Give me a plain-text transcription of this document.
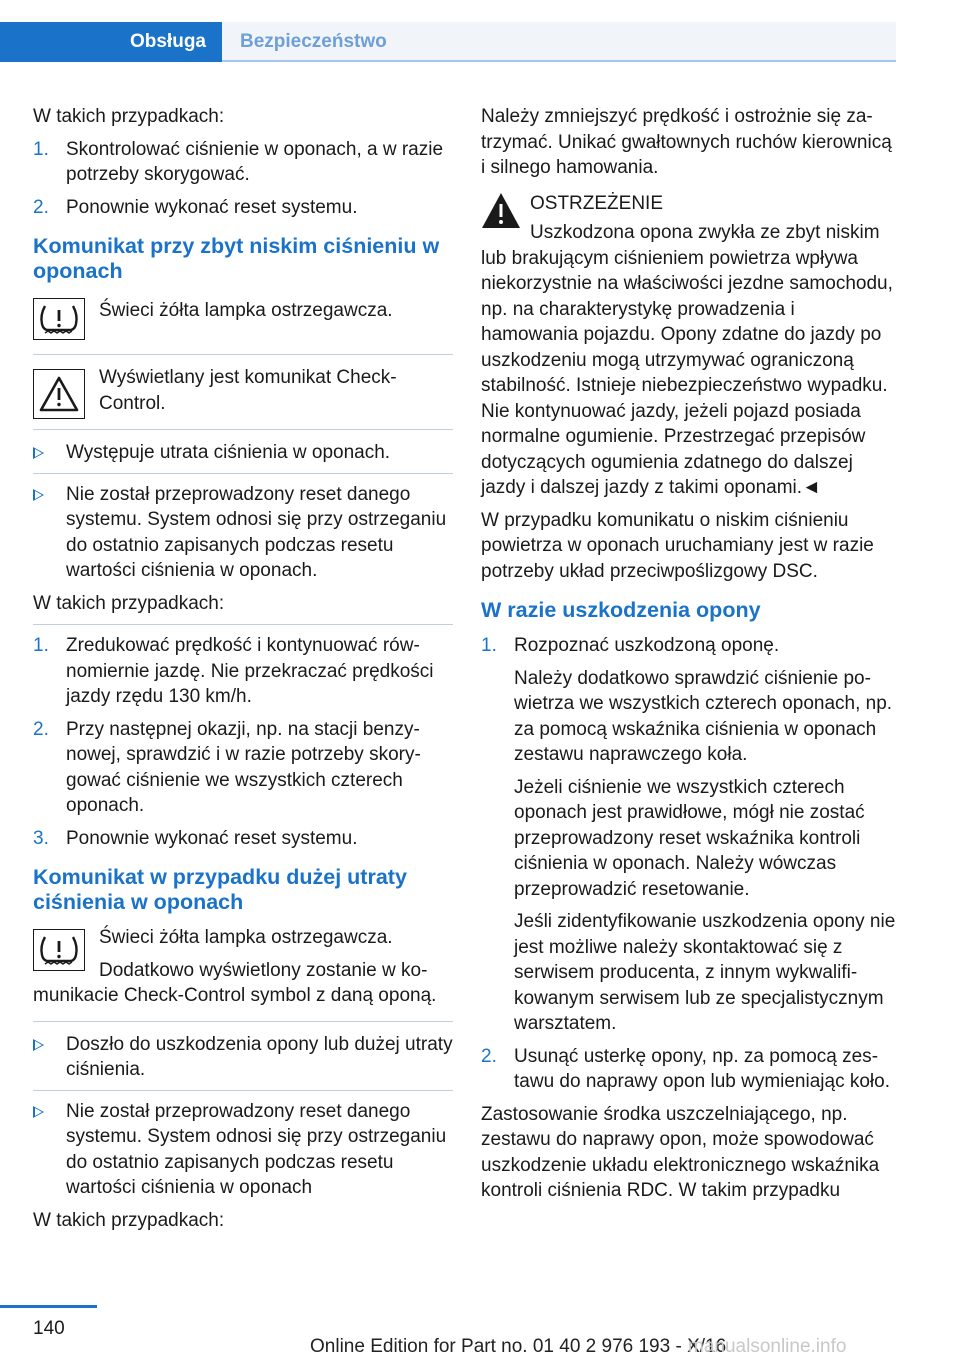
Obsługa	Bezpieczeństwo

W takich przypadkach:

1. Skontrolować ciśnienie w oponach, a w razie potrzeby skorygować.
2. Ponownie wykonać reset systemu.
Komunikat przy zbyt niskim ciśnieniu w oponach
Świeci żółta lampka ostrzegawcza.
Wyświetlany jest komunikat Check-Control.
Występuje utrata ciśnienia w oponach.
Nie został przeprowadzony reset danego systemu. System odnosi się przy ostrzeganiu do ostatnio zapisanych podczas resetu wartości ciśnienia w oponach.

W takich przypadkach:

1. Zredukować prędkość i kontynuować równomiernie jazdę. Nie przekraczać prędkości jazdy rzędu 130 km/h.
2. Przy następnej okazji, np. na stacji benzynowej, sprawdzić i w razie potrzeby skorygować ciśnienie we wszystkich czterech oponach.
3. Ponownie wykonać reset systemu.
Komunikat w przypadku dużej utraty ciśnienia w oponach

Świeci żółta lampka ostrzegawcza.

Dodatkowo wyświetlony zostanie w komunikacie Check-Control symbol z daną oponą.

Doszło do uszkodzenia opony lub dużej utraty ciśnienia.
Nie został przeprowadzony reset danego systemu. System odnosi się przy ostrzeganiu do ostatnio zapisanych podczas resetu wartości ciśnienia w oponach

W takich przypadkach:

Należy zmniejszyć prędkość i ostrożnie się zatrzymać. Unikać gwałtownych ruchów kierownicą i silnego hamowania.

OSTRZEŻENIE

Uszkodzona opona zwykła ze zbyt niskim lub brakującym ciśnieniem powietrza wpływa niekorzystnie na właściwości jezdne samochodu, np. na charakterystykę prowadzenia i hamowania pojazdu. Opony zdatne do jazdy po uszkodzeniu mogą utrzymywać ograniczoną stabilność. Istnieje niebezpieczeństwo wypadku. Nie kontynuować jazdy, jeżeli pojazd posiada normalne ogumienie. Przestrzegać przepisów dotyczących ogumienia zdatnego do dalszej jazdy i dalszej jazdy z takimi oponami.◄

W przypadku komunikatu o niskim ciśnieniu powietrza w oponach uruchamiany jest w razie potrzeby układ przeciwpoślizgowy DSC.

W razie uszkodzenia opony
1. Rozpoznać uszkodzoną oponę.

Należy dodatkowo sprawdzić ciśnienie powietrza we wszystkich czterech oponach, np. za pomocą wskaźnika ciśnienia w oponach zestawu naprawczego koła.

Jeżeli ciśnienie we wszystkich czterech oponach jest prawidłowe, mógł nie zostać przeprowadzony reset wskaźnika kontroli ciśnienia w oponach. Należy wówczas przeprowadzić resetowanie.

Jeśli zidentyfikowanie uszkodzenia opony nie jest możliwe należy skontaktować się z serwisem producenta, z innym wykwalifikowanym serwisem lub ze specjalistycznym warsztatem.

2. Usunąć usterkę opony, np. za pomocą zestawu do naprawy opon lub wymieniając koło.

Zastosowanie środka uszczelniającego, np. zestawu do naprawy opon, może spowodować uszkodzenie układu elektronicznego wskaźnika kontroli ciśnienia RDC. W takim przypadku

140
Online Edition for Part no. 01 40 2 976 193 - X/16
manualsonline.info
